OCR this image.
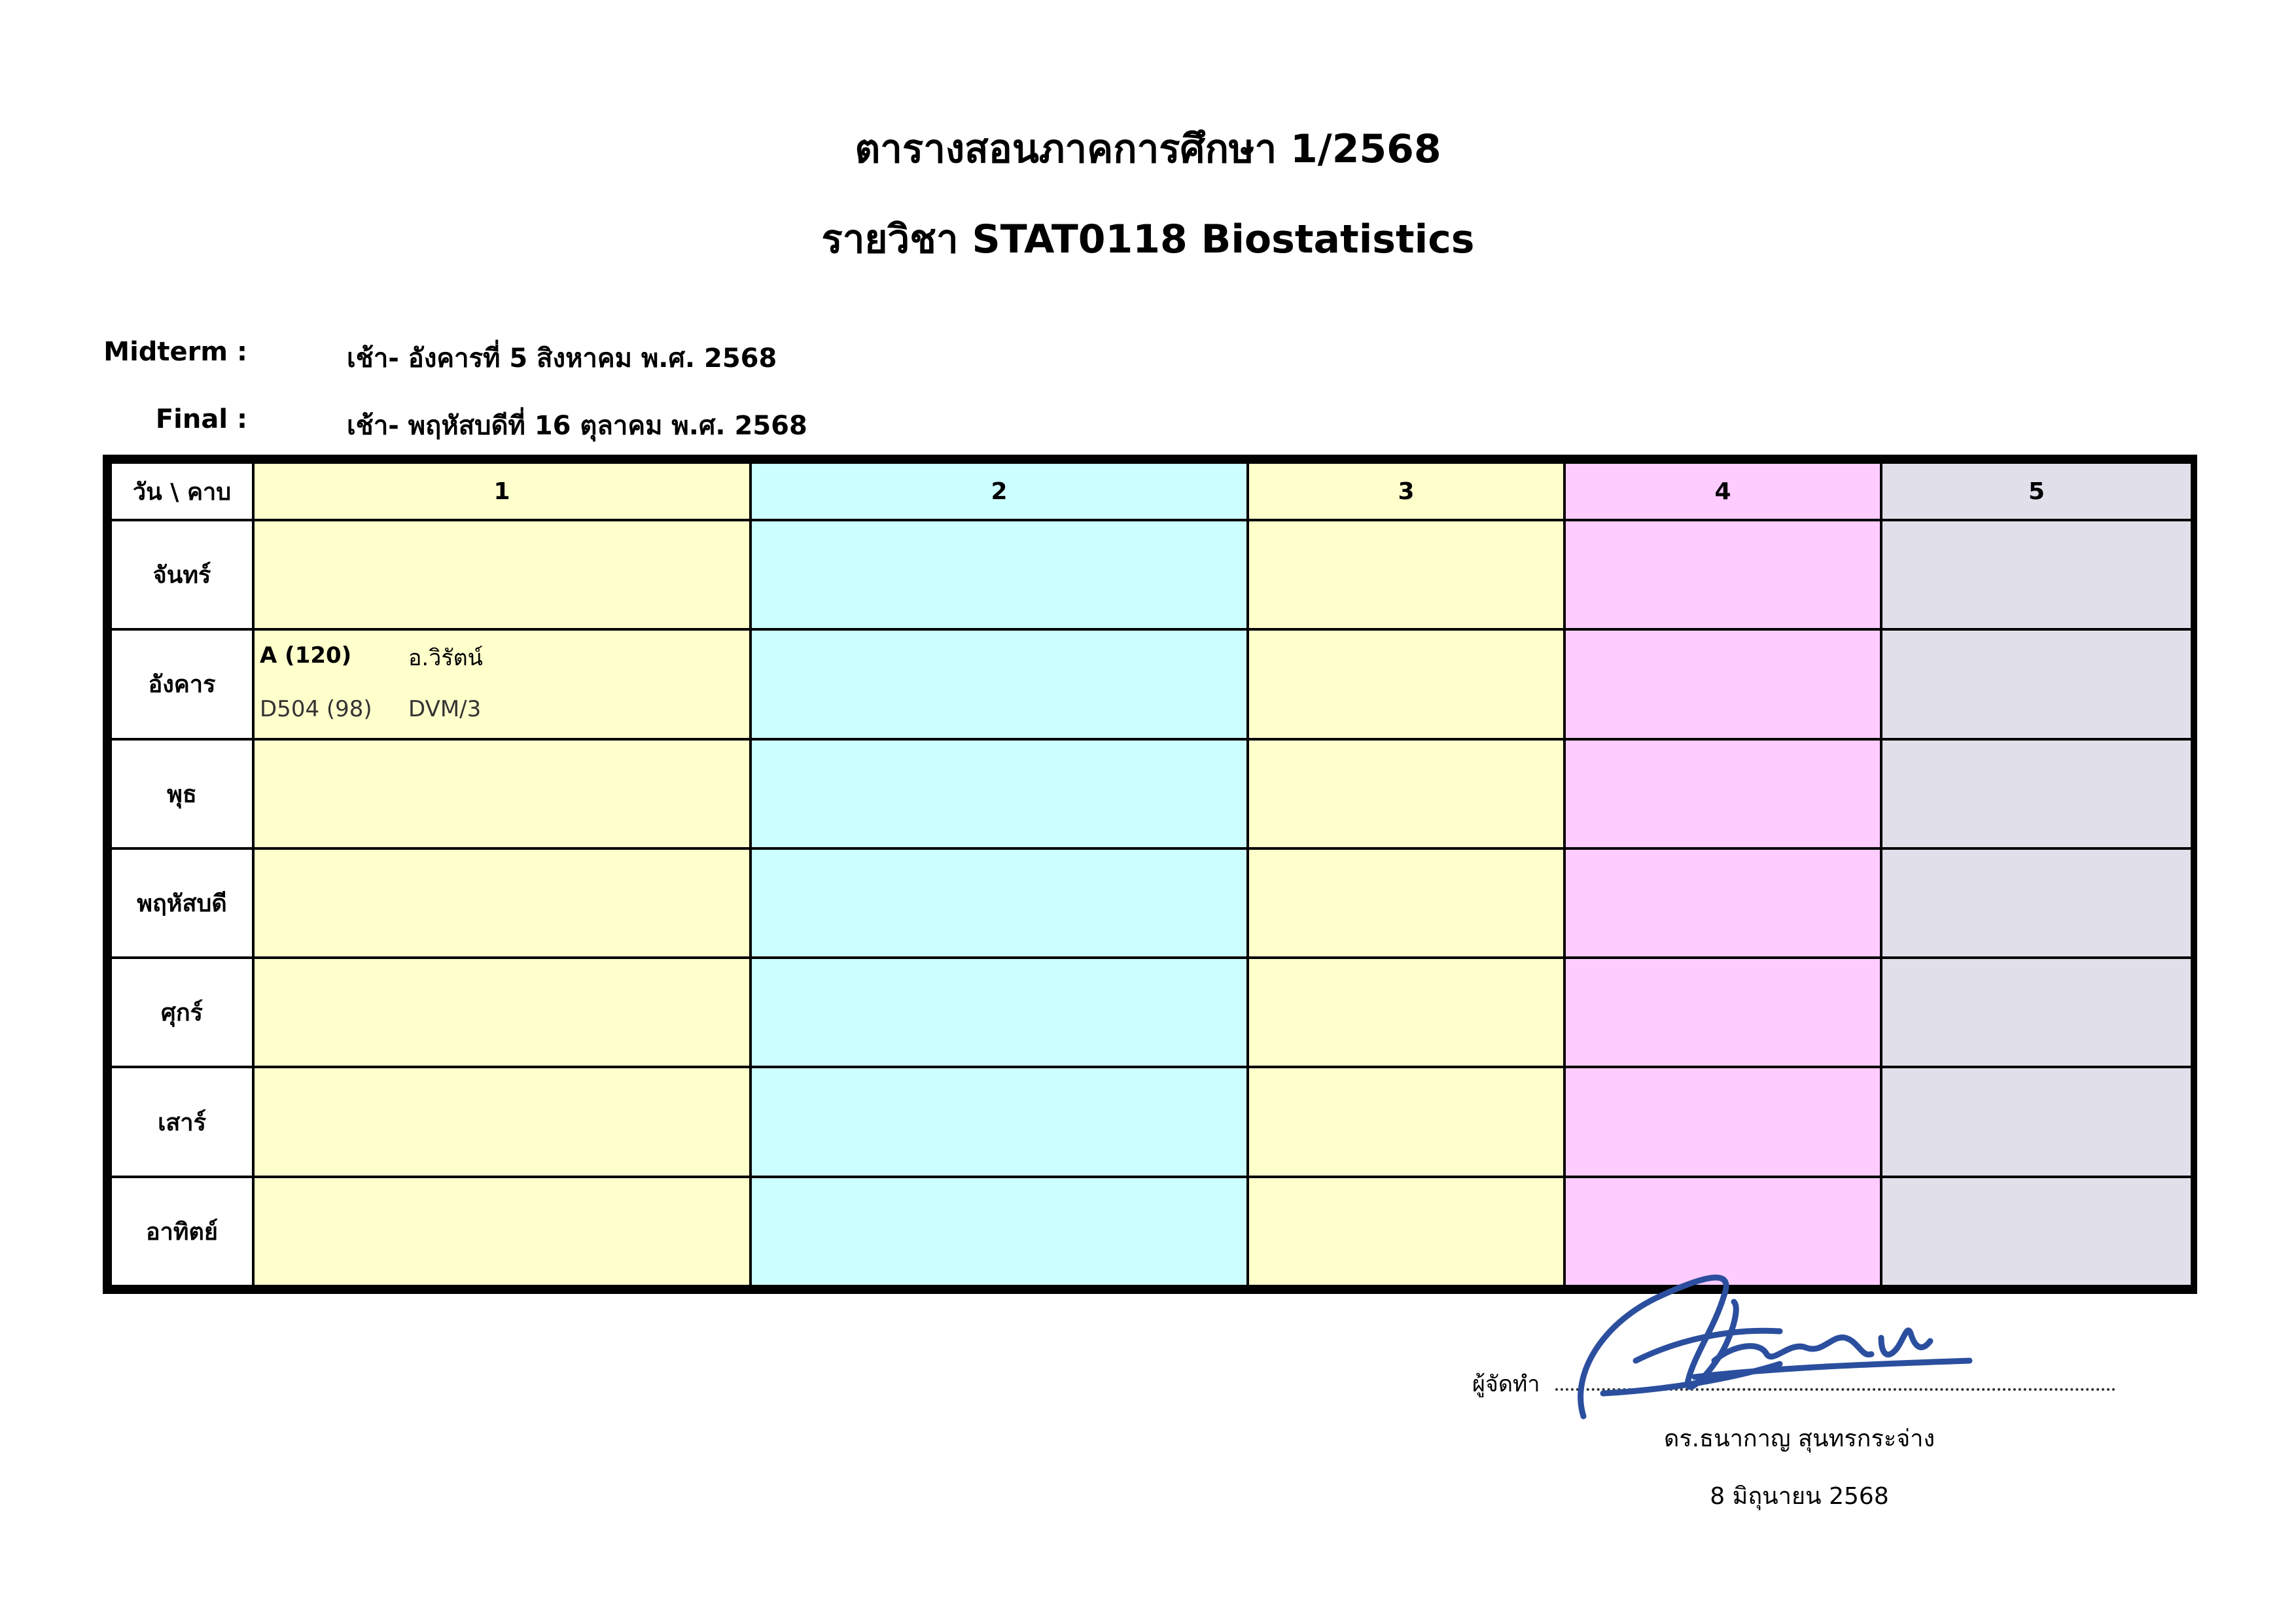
ตารางสอนภาคการศึกษา 1/2568
รายวิชา STAT0118 Biostatistics
Midterm :	เช้า- อังคารที่ 5 สิงหาคม พ.ศ. 2568
Final :	เช้า- พฤหัสบดีที่ 16 ตุลาคม พ.ศ. 2568
วัน \ คาบ	1	2	3	4	5
จันทร์					
อังคาร	A (120) อ.วิรัตน์
D504 (98) DVM/3				

พุธ					
พฤหัสบดี					
ศุกร์					
เสาร์					
อาทิตย์					
ผู้จัดทำ
ดร.ธนากาญ สุนทรกระจ่าง
8 มิถุนายน 2568
